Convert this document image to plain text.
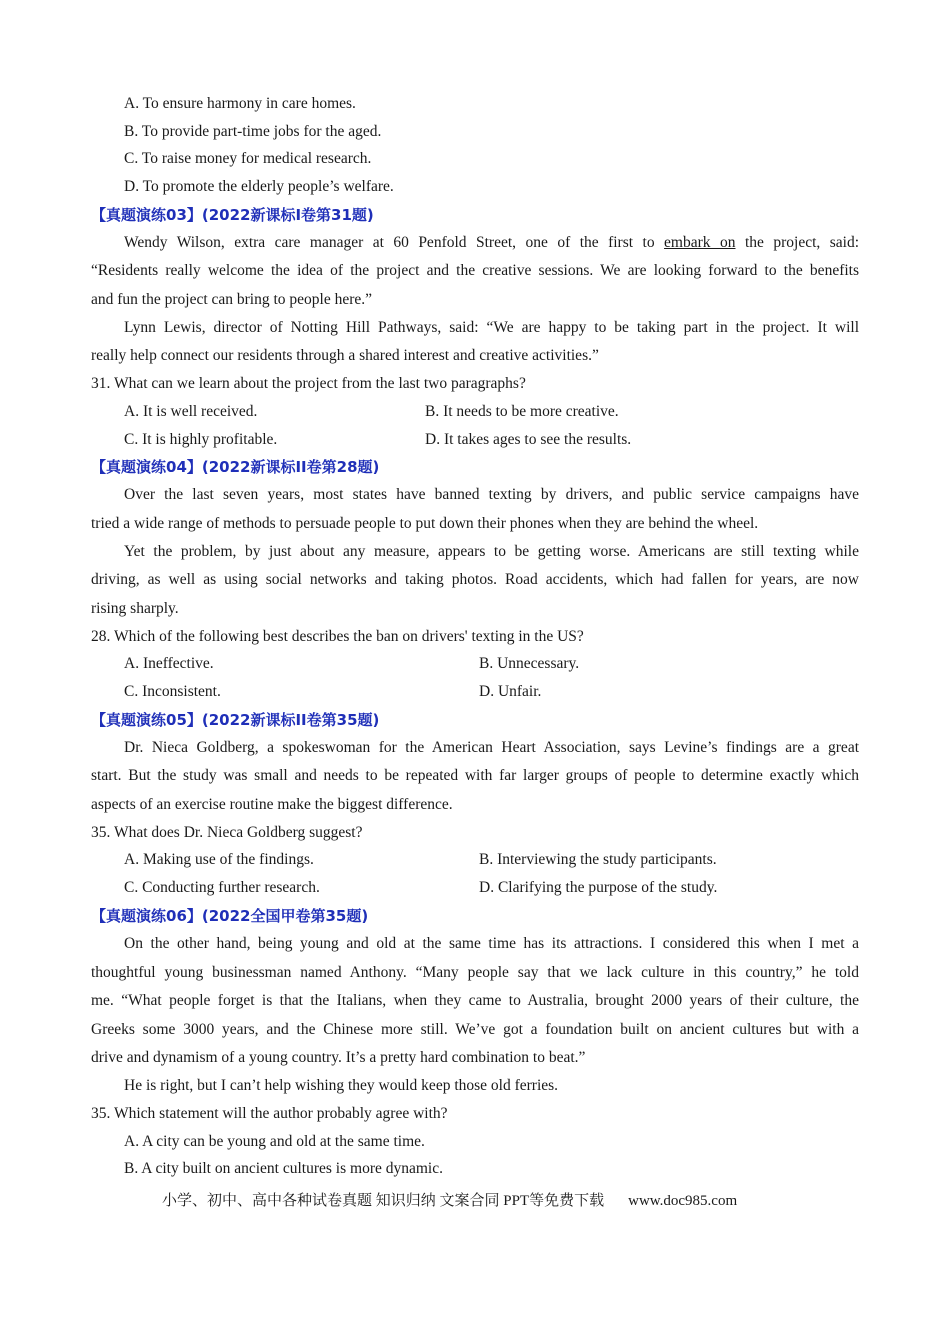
A. To ensure harmony in care homes.
B. To provide part-time jobs for the aged.
C. To raise money for medical research.
D. To promote the elderly people’s welfare.
【真题演练03】(2022新课标I卷第31题)
Wendy Wilson, extra care manager at 60 Penfold Street, one of the first to embark on the project, said:
“Residents really welcome the idea of the project and the creative sessions. We are looking forward to the benefits
and fun the project can bring to people here.”
Lynn Lewis, director of Notting Hill Pathways, said: “We are happy to be taking part in the project. It will
really help connect our residents through a shared interest and creative activities.”
31. What can we learn about the project from the last two paragraphs?
A. It is well received.	B. It needs to be more creative.
C. It is highly profitable.	D. It takes ages to see the results.
【真题演练04】(2022新课标II卷第28题)
Over the last seven years, most states have banned texting by drivers, and public service campaigns have
tried a wide range of methods to persuade people to put down their phones when they are behind the wheel.
Yet the problem, by just about any measure, appears to be getting worse. Americans are still texting while
driving, as well as using social networks and taking photos. Road accidents, which had fallen for years, are now
rising sharply.
28. Which of the following best describes the ban on drivers' texting in the US?
A. Ineffective.	B. Unnecessary.
C. Inconsistent.	D. Unfair.
【真题演练05】(2022新课标II卷第35题)
Dr. Nieca Goldberg, a spokeswoman for the American Heart Association, says Levine’s findings are a great
start. But the study was small and needs to be repeated with far larger groups of people to determine exactly which
aspects of an exercise routine make the biggest difference.
35. What does Dr. Nieca Goldberg suggest?
A. Making use of the findings.	B. Interviewing the study participants.
C. Conducting further research.	D. Clarifying the purpose of the study.
【真题演练06】(2022全国甲卷第35题)
On the other hand, being young and old at the same time has its attractions. I considered this when I met a
thoughtful young businessman named Anthony. “Many people say that we lack culture in this country,” he told
me. “What people forget is that the Italians, when they came to Australia, brought 2000 years of their culture, the
Greeks some 3000 years, and the Chinese more still. We’ve got a foundation built on ancient cultures but with a
drive and dynamism of a young country. It’s a pretty hard combination to beat.”
He is right, but I can’t help wishing they would keep those old ferries.
35. Which statement will the author probably agree with?
A. A city can be young and old at the same time.
B. A city built on ancient cultures is more dynamic.
小学、初中、高中各种试卷真题 知识归纳 文案合同 PPT等免费下载 www.doc985.com
